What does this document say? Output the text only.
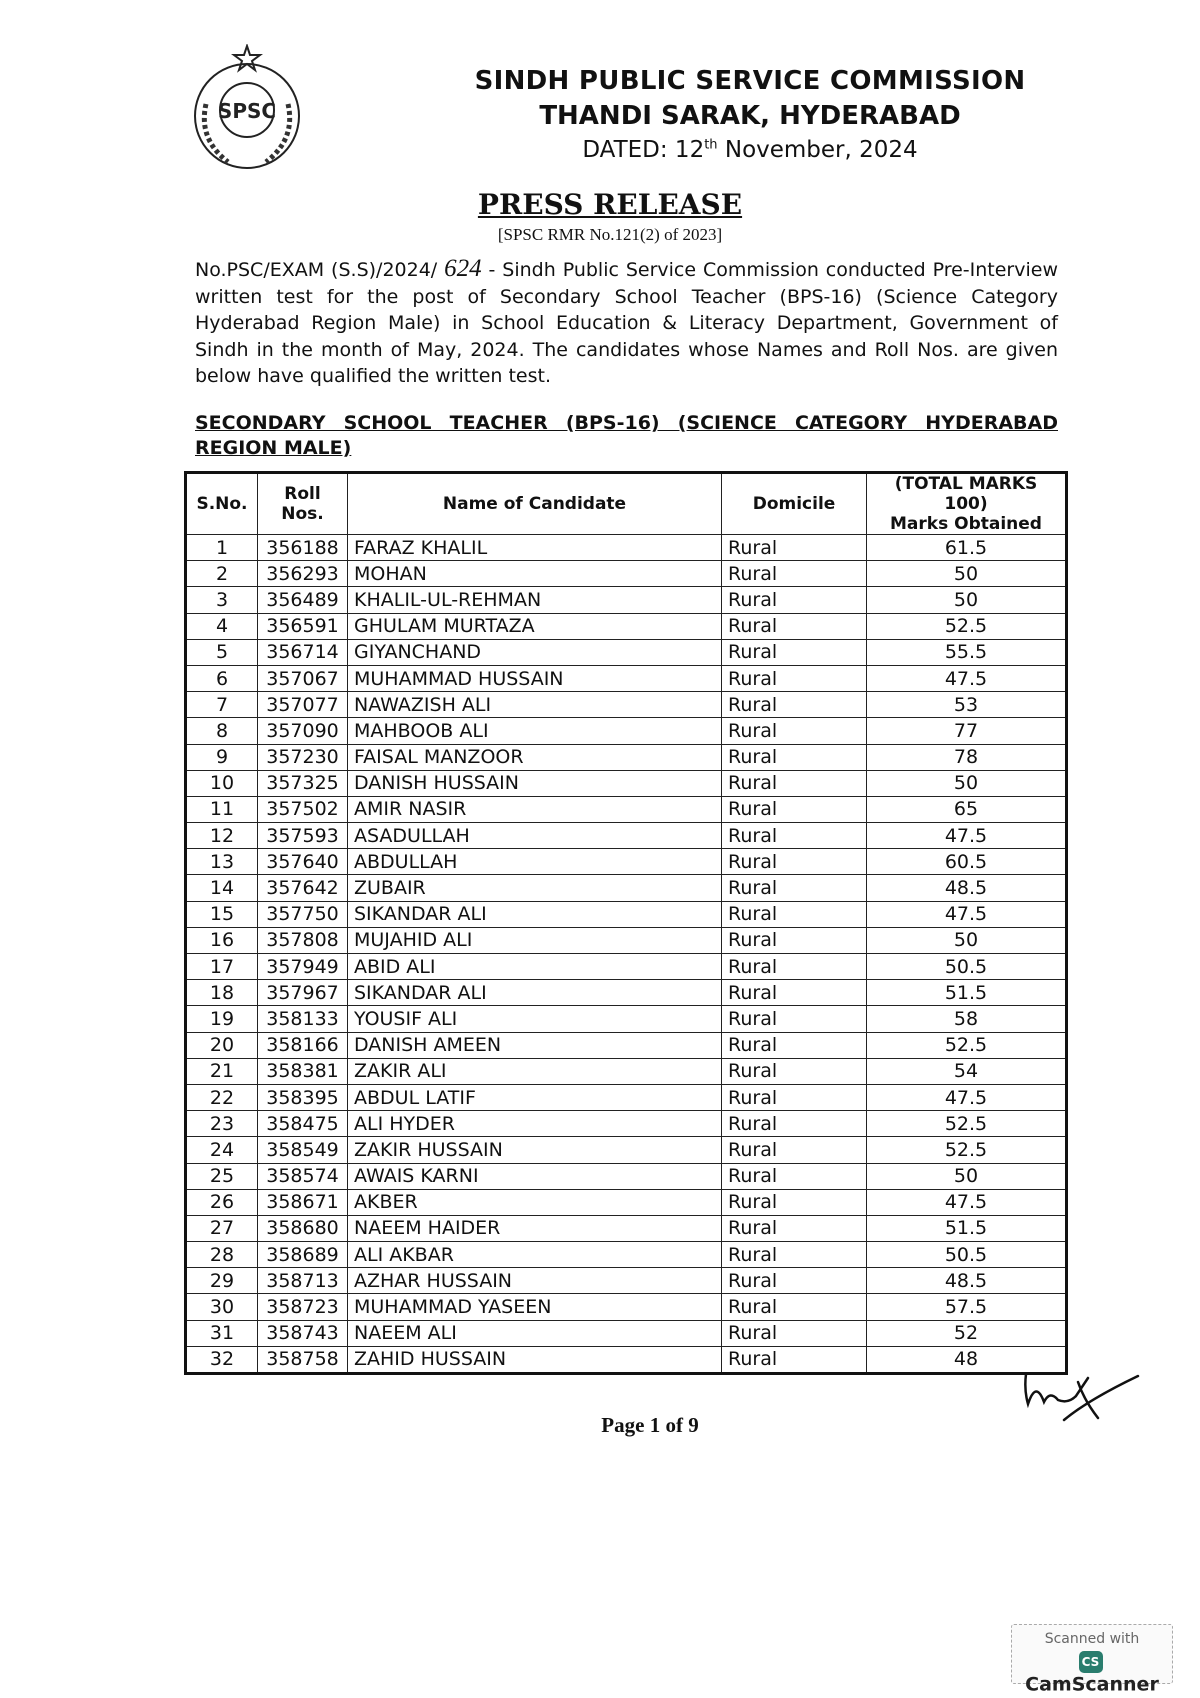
SPSC
SINDH PUBLIC SERVICE COMMISSION
THANDI SARAK, HYDERABAD
DATED: 12th November, 2024
PRESS RELEASE
[SPSC RMR No.121(2) of 2023]
No.PSC/EXAM (S.S)/2024/ 624 - Sindh Public Service Commission conducted Pre-Interview written test for the post of Secondary School Teacher (BPS-16) (Science Category Hyderabad Region Male) in School Education & Literacy Department, Government of Sindh in the month of May, 2024. The candidates whose Names and Roll Nos. are given below have qualified the written test.
SECONDARY SCHOOL TEACHER (BPS-16) (SCIENCE CATEGORY HYDERABAD REGION MALE)
S.No.	Roll Nos.	Name of Candidate	Domicile	(TOTAL MARKS 100)
Marks Obtained
1	356188	FARAZ KHALIL	Rural	61.5
2	356293	MOHAN	Rural	50
3	356489	KHALIL-UL-REHMAN	Rural	50
4	356591	GHULAM MURTAZA	Rural	52.5
5	356714	GIYANCHAND	Rural	55.5
6	357067	MUHAMMAD HUSSAIN	Rural	47.5
7	357077	NAWAZISH ALI	Rural	53
8	357090	MAHBOOB ALI	Rural	77
9	357230	FAISAL MANZOOR	Rural	78
10	357325	DANISH HUSSAIN	Rural	50
11	357502	AMIR NASIR	Rural	65
12	357593	ASADULLAH	Rural	47.5
13	357640	ABDULLAH	Rural	60.5
14	357642	ZUBAIR	Rural	48.5
15	357750	SIKANDAR ALI	Rural	47.5
16	357808	MUJAHID ALI	Rural	50
17	357949	ABID ALI	Rural	50.5
18	357967	SIKANDAR ALI	Rural	51.5
19	358133	YOUSIF ALI	Rural	58
20	358166	DANISH AMEEN	Rural	52.5
21	358381	ZAKIR ALI	Rural	54
22	358395	ABDUL LATIF	Rural	47.5
23	358475	ALI HYDER	Rural	52.5
24	358549	ZAKIR HUSSAIN	Rural	52.5
25	358574	AWAIS KARNI	Rural	50
26	358671	AKBER	Rural	47.5
27	358680	NAEEM HAIDER	Rural	51.5
28	358689	ALI AKBAR	Rural	50.5
29	358713	AZHAR HUSSAIN	Rural	48.5
30	358723	MUHAMMAD YASEEN	Rural	57.5
31	358743	NAEEM ALI	Rural	52
32	358758	ZAHID HUSSAIN	Rural	48
Page 1 of 9
Scanned with
CSCamScanner
